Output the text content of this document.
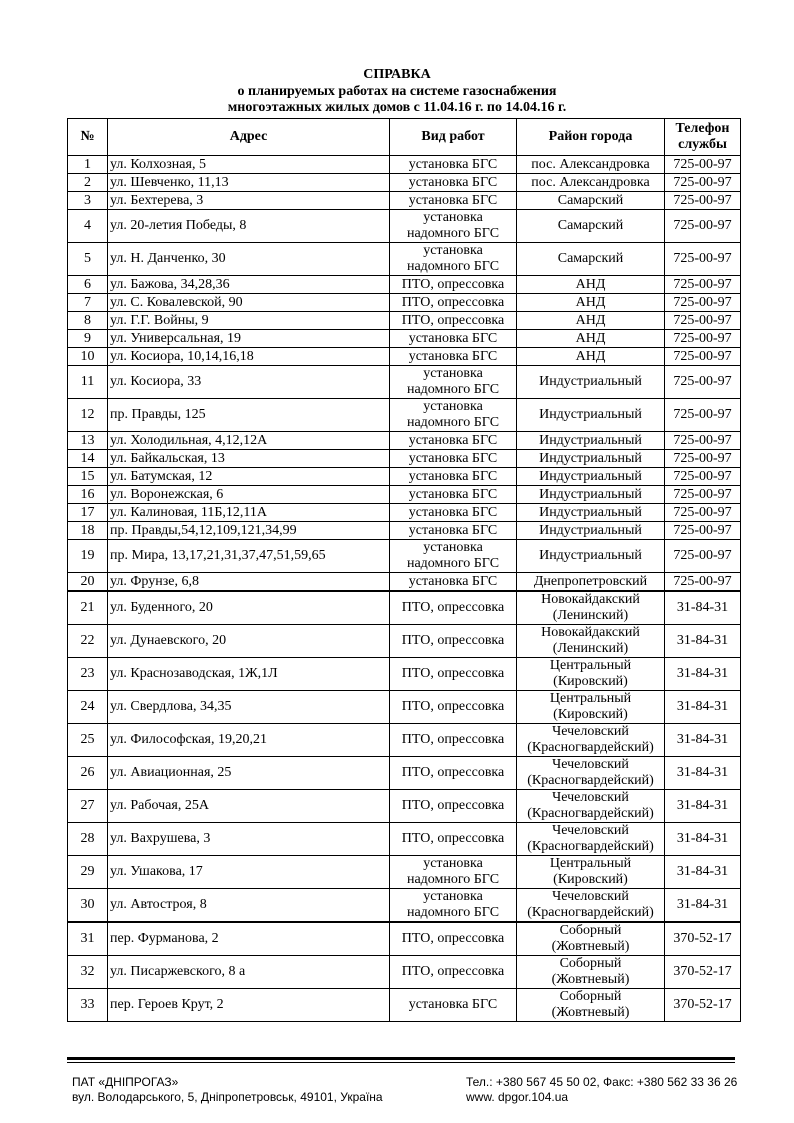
СПРАВКА
о планируемых работах на системе газоснабжения
многоэтажных жилых домов с 11.04.16 г. по 14.04.16 г.
№	Адрес	Вид работ	Район города	Телефон
службы
1	ул. Колхозная, 5	установка БГС	пос. Александровка	725-00-97
2	ул. Шевченко, 11,13	установка БГС	пос. Александровка	725-00-97
3	ул. Бехтерева, 3	установка БГС	Самарский	725-00-97
4	ул. 20-летия Победы, 8	установка
надомного БГС	Самарский	725-00-97
5	ул. Н. Данченко, 30	установка
надомного БГС	Самарский	725-00-97
6	ул. Бажова, 34,28,36	ПТО, опрессовка	АНД	725-00-97
7	ул. С. Ковалевской, 90	ПТО, опрессовка	АНД	725-00-97
8	ул. Г.Г. Войны, 9	ПТО, опрессовка	АНД	725-00-97
9	ул. Универсальная, 19	установка БГС	АНД	725-00-97
10	ул. Косиора, 10,14,16,18	установка БГС	АНД	725-00-97
11	ул. Косиора, 33	установка
надомного БГС	Индустриальный	725-00-97
12	пр. Правды, 125	установка
надомного БГС	Индустриальный	725-00-97
13	ул. Холодильная, 4,12,12А	установка БГС	Индустриальный	725-00-97
14	ул. Байкальская, 13	установка БГС	Индустриальный	725-00-97
15	ул. Батумская, 12	установка БГС	Индустриальный	725-00-97
16	ул. Воронежская, 6	установка БГС	Индустриальный	725-00-97
17	ул. Калиновая, 11Б,12,11А	установка БГС	Индустриальный	725-00-97
18	пр. Правды,54,12,109,121,34,99	установка БГС	Индустриальный	725-00-97
19	пр. Мира, 13,17,21,31,37,47,51,59,65	установка
надомного БГС	Индустриальный	725-00-97
20	ул. Фрунзе, 6,8	установка БГС	Днепропетровский	725-00-97
21	ул. Буденного, 20	ПТО, опрессовка	Новокайдакский
(Ленинский)	31-84-31
22	ул. Дунаевского, 20	ПТО, опрессовка	Новокайдакский
(Ленинский)	31-84-31
23	ул. Краснозаводская, 1Ж,1Л	ПТО, опрессовка	Центральный
(Кировский)	31-84-31
24	ул. Свердлова, 34,35	ПТО, опрессовка	Центральный
(Кировский)	31-84-31
25	ул. Философская, 19,20,21	ПТО, опрессовка	Чечеловский
(Красногвардейский)	31-84-31
26	ул. Авиационная, 25	ПТО, опрессовка	Чечеловский
(Красногвардейский)	31-84-31
27	ул. Рабочая, 25А	ПТО, опрессовка	Чечеловский
(Красногвардейский)	31-84-31
28	ул. Вахрушева, 3	ПТО, опрессовка	Чечеловский
(Красногвардейский)	31-84-31
29	ул. Ушакова, 17	установка
надомного БГС	Центральный
(Кировский)	31-84-31
30	ул. Автостроя, 8	установка
надомного БГС	Чечеловский
(Красногвардейский)	31-84-31
31	пер. Фурманова, 2	ПТО, опрессовка	Соборный
(Жовтневый)	370-52-17
32	ул. Писаржевского, 8 а	ПТО, опрессовка	Соборный
(Жовтневый)	370-52-17
33	пер. Героев Крут, 2	установка БГС	Соборный
(Жовтневый)	370-52-17
ПАТ «ДНІПРОГАЗ»
вул. Володарського, 5, Дніпропетровськ, 49101, Україна
Тел.: +380 567 45 50 02, Факс: +380 562 33 36 26
www. dpgor.104.ua
